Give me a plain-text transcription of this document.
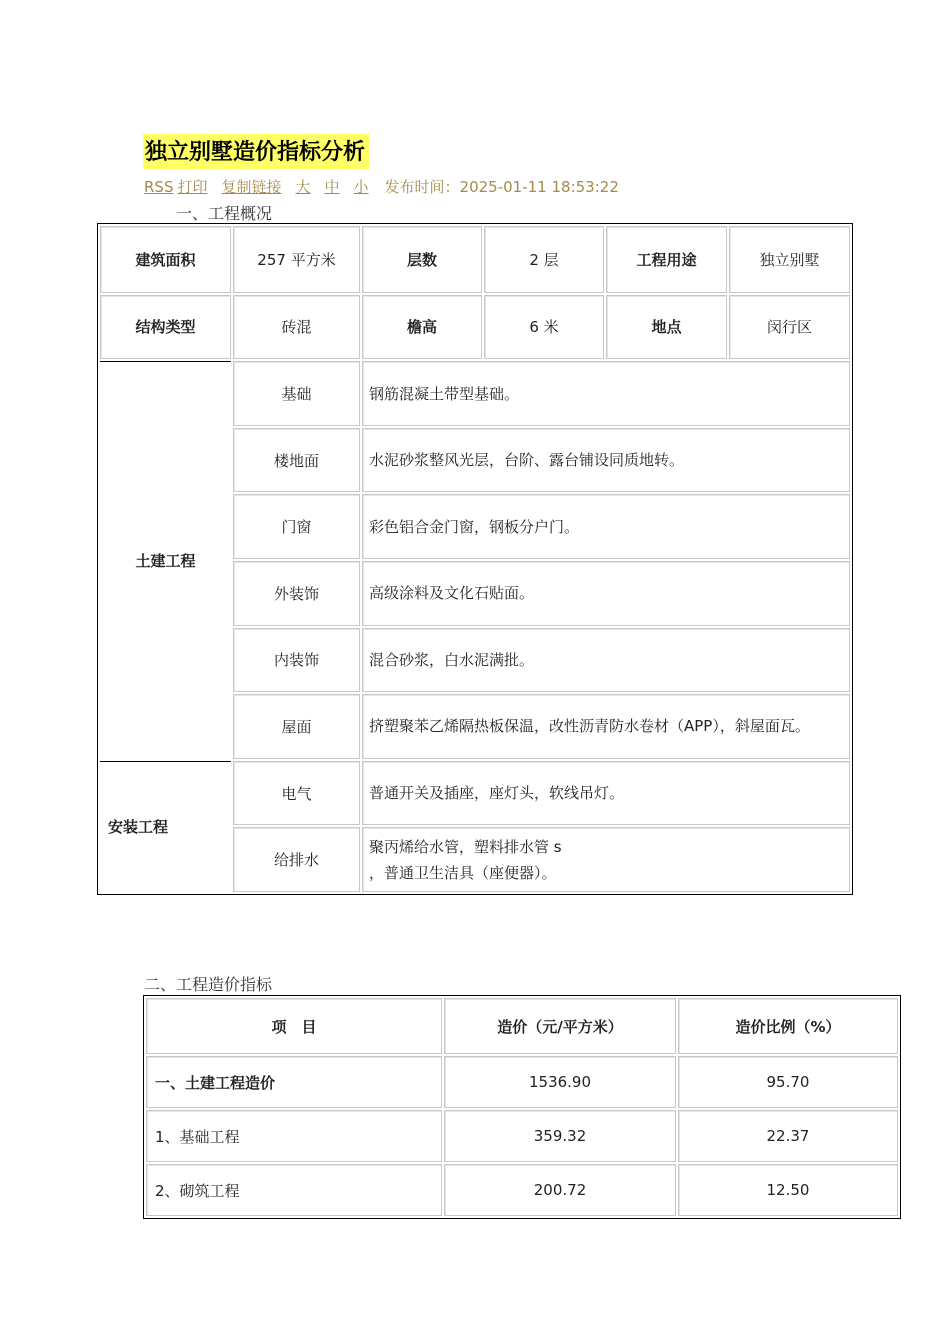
独立别墅造价指标分析
RSS 打印 复制链接 大 中 小 发布时间：2025-01-11 18:53:22
一、工程概况
建筑面积	257 平方米	层数	2 层	工程用途	独立别墅
结构类型	砖混	檐高	6 米	地点	闵行区
土建工程	基础	钢筋混凝土带型基础。			
	楼地面	水泥砂浆整风光层，台阶、露台铺设同质地转。			
	门窗	彩色铝合金门窗，钢板分户门。			
	外装饰	高级涂料及文化石贴面。			
	内装饰	混合砂浆，白水泥满批。			
	屋面	挤塑聚苯乙烯隔热板保温，改性沥青防水卷材（APP），斜屋面瓦。			
安装工程	电气	普通开关及插座，座灯头，软线吊灯。			
	给排水	聚丙烯给水管，塑料排水管 s
，普通卫生洁具（座便器）。			
二、工程造价指标
项　目	造价（元/平方米）	造价比例（%）
一、土建工程造价	1536.90	95.70
1、基础工程	359.32	22.37
2、砌筑工程	200.72	12.50
